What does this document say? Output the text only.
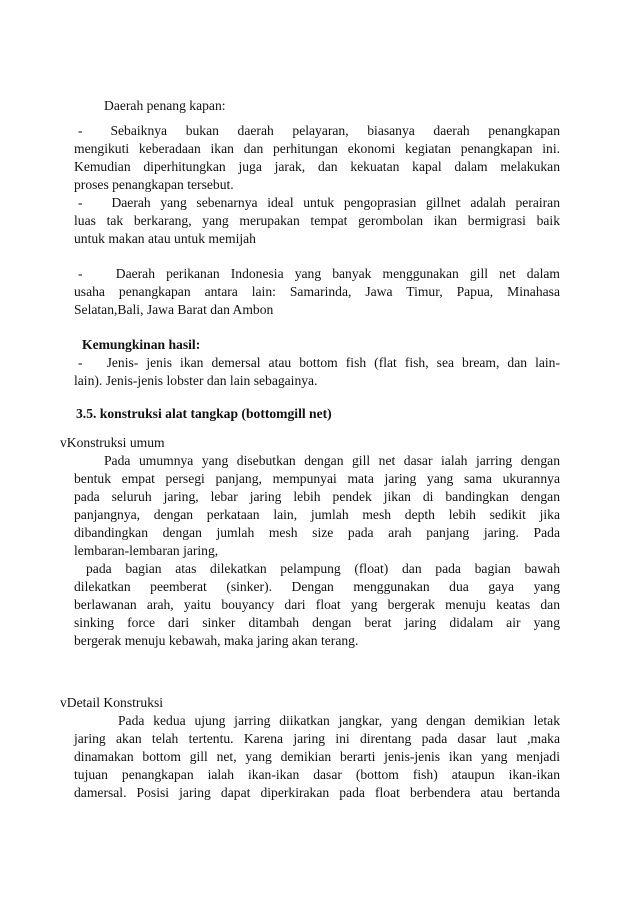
Daerah penang kapan:
-   Sebaiknya  bukan  daerah  pelayaran,  biasanya  daerah  penangkapan
mengikuti keberadaan ikan dan perhitungan ekonomi kegiatan penangkapan ini.
Kemudian  diperhitungkan  juga  jarak,  dan  kekuatan  kapal  dalam  melakukan
proses penangkapan tersebut.
-   Daerah yang sebenarnya ideal untuk pengoprasian gillnet adalah perairan
luas tak berkarang, yang merupakan tempat gerombolan ikan bermigrasi baik
untuk makan atau untuk memijah
-   Daerah perikanan Indonesia yang banyak menggunakan gill net dalam
usaha penangkapan antara lain: Samarinda, Jawa Timur, Papua, Minahasa
Selatan,Bali, Jawa Barat dan Ambon
Kemungkinan hasil:
-   Jenis- jenis ikan demersal atau bottom fish (flat fish, sea bream, dan lain-
lain). Jenis-jenis lobster dan lain sebagainya.
3.5. konstruksi alat tangkap (bottomgill net)
vKonstruksi umum
Pada umumnya yang disebutkan dengan gill net dasar ialah jarring dengan
bentuk empat persegi panjang, mempunyai mata jaring yang sama ukurannya
pada seluruh jaring, lebar jaring lebih pendek jikan di bandingkan dengan
panjangnya, dengan perkataan lain, jumlah mesh depth lebih sedikit jika
dibandingkan dengan jumlah mesh size pada arah panjang jaring. Pada
lembaran-lembaran jaring,
pada bagian atas dilekatkan pelampung (float) dan pada bagian bawah
dilekatkan peemberat (sinker). Dengan menggunakan dua gaya yang
berlawanan arah, yaitu bouyancy dari float yang bergerak menuju keatas dan
sinking force dari sinker ditambah dengan berat jaring didalam air yang
bergerak menuju kebawah, maka jaring akan terang.
vDetail Konstruksi
Pada kedua ujung jarring diikatkan jangkar, yang dengan demikian letak
jaring akan telah tertentu. Karena jaring ini direntang pada dasar laut ,maka
dinamakan bottom gill net, yang demikian berarti jenis-jenis ikan yang menjadi
tujuan penangkapan ialah ikan-ikan dasar (bottom fish) ataupun ikan-ikan
damersal. Posisi jaring dapat diperkirakan pada float berbendera atau bertanda
